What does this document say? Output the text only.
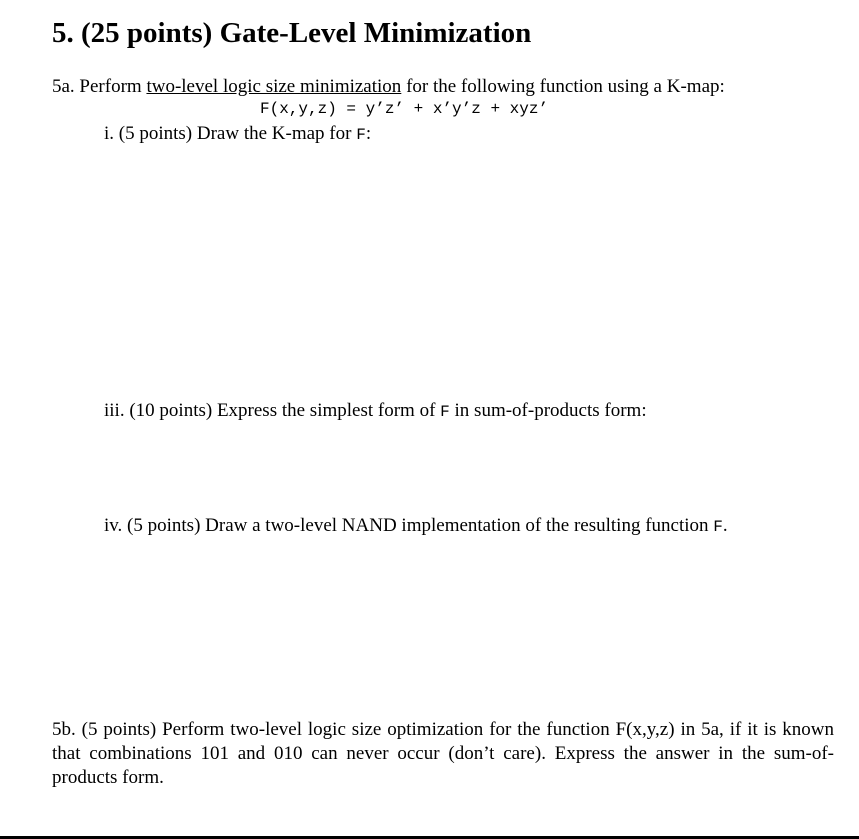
5. (25 points) Gate-Level Minimization
5a. Perform two-level logic size minimization for the following function using a K-map:
F(x,y,z) = y’z’ + x’y’z + xyz’
i. (5 points) Draw the K-map for F:
iii. (10 points) Express the simplest form of F in sum-of-products form:
iv. (5 points) Draw a two-level NAND implementation of the resulting function F.
5b. (5 points) Perform two-level logic size optimization for the function F(x,y,z) in 5a, if it is known that combinations 101 and 010 can never occur (don’t care). Express the answer in the sum-of-products form.
